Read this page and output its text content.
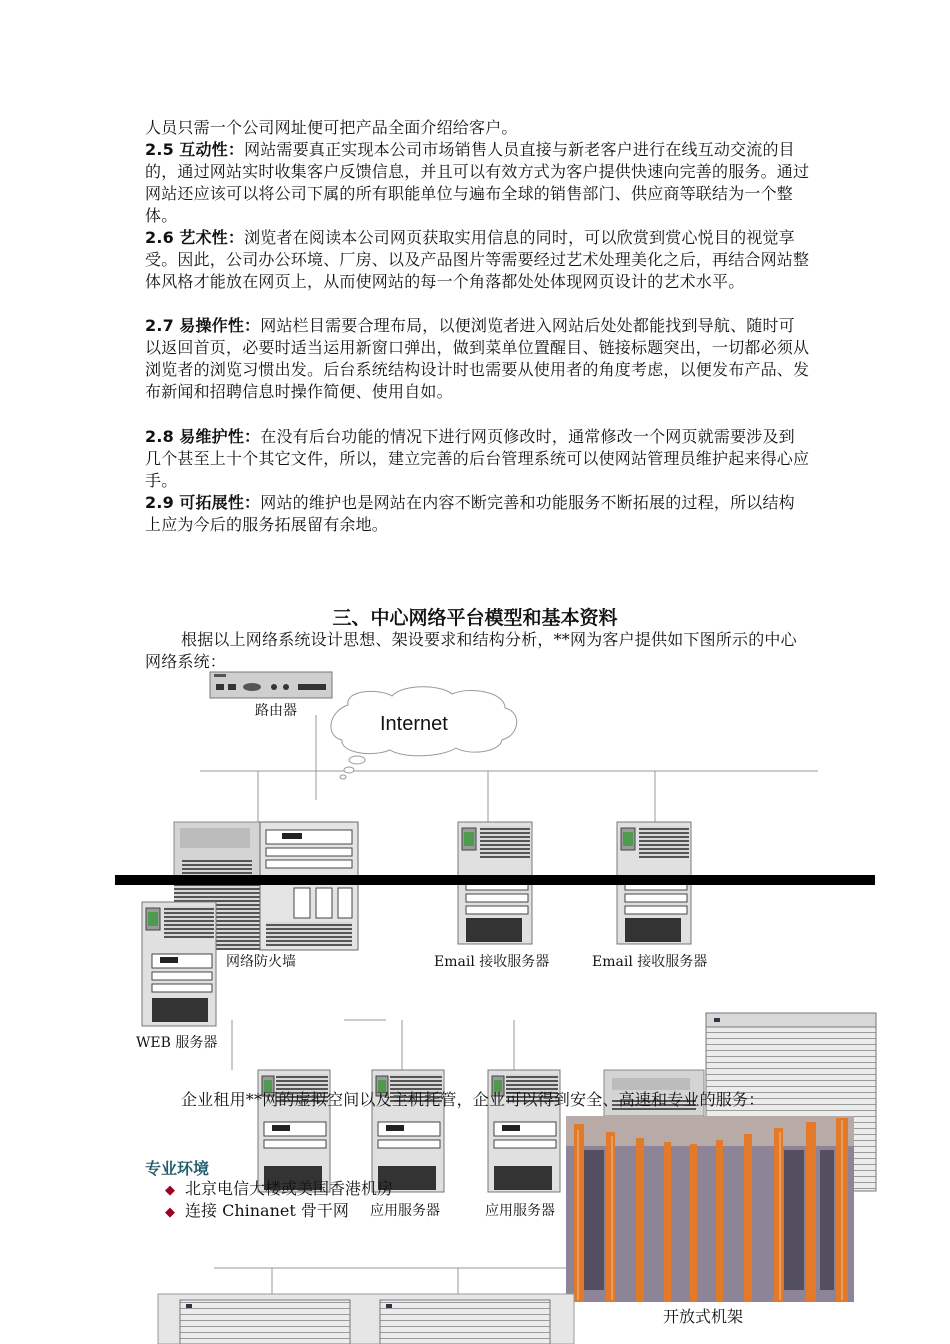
人员只需一个公司网址便可把产品全面介绍给客户。
2.5 互动性：网站需要真正实现本公司市场销售人员直接与新老客户进行在线互动交流的目的，通过网站实时收集客户反馈信息，并且可以有效方式为客户提供快速向完善的服务。通过网站还应该可以将公司下属的所有职能单位与遍布全球的销售部门、供应商等联结为一个整体。
2.6 艺术性：浏览者在阅读本公司网页获取实用信息的同时，可以欣赏到赏心悦目的视觉享受。因此，公司办公环境、厂房、以及产品图片等需要经过艺术处理美化之后，再结合网站整体风格才能放在网页上，从而使网站的每一个角落都处处体现网页设计的艺术水平。
2.7 易操作性：网站栏目需要合理布局，以便浏览者进入网站后处处都能找到导航、随时可以返回首页，必要时适当运用新窗口弹出，做到菜单位置醒目、链接标题突出，一切都必须从浏览者的浏览习惯出发。后台系统结构设计时也需要从使用者的角度考虑，以便发布产品、发布新闻和招聘信息时操作简便、使用自如。
2.8 易维护性：在没有后台功能的情况下进行网页修改时，通常修改一个网页就需要涉及到几个甚至上十个其它文件，所以，建立完善的后台管理系统可以使网站管理员维护起来得心应手。
2.9 可拓展性：网站的维护也是网站在内容不断完善和功能服务不断拓展的过程，所以结构上应为今后的服务拓展留有余地。
三、中心网络平台模型和基本资料
根据以上网络系统设计思想、架设要求和结构分析，**网为客户提供如下图所示的中心网络系统：
路由器
Internet
网络防火墙	Email 接收服务器	Email 接收服务器
WEB 服务器
企业租用**网的虚拟空间以及主机托管，企业可以得到安全、高速和专业的服务：
专业环境
◆ 北京电信大楼或美国香港机房
◆ 连接 Chinanet 骨干网 应用服务器	应用服务器
开放式机架
